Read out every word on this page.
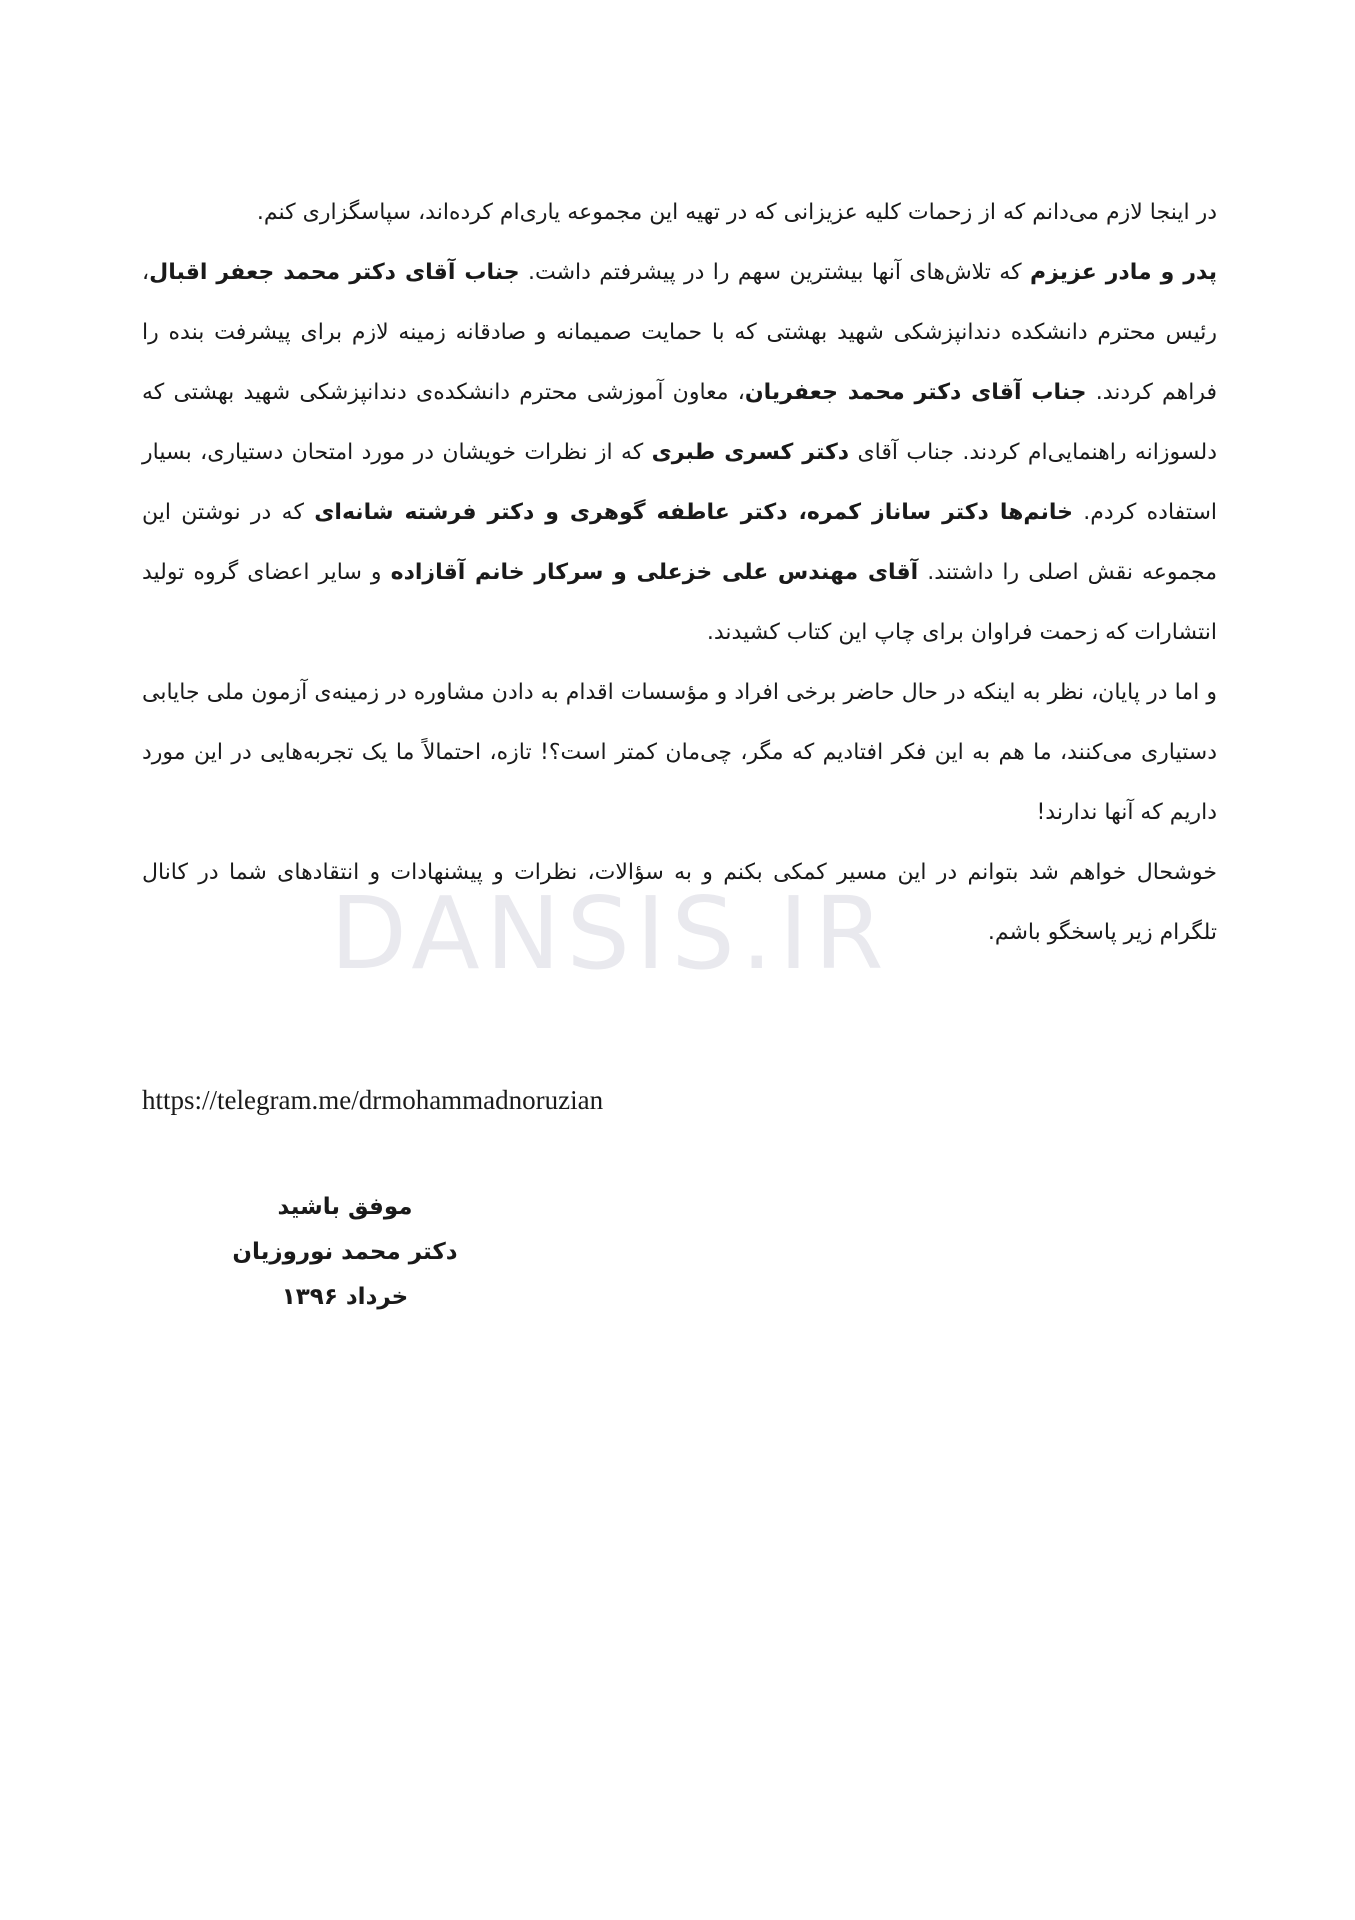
DANSIS.IR

در اینجا لازم می‌دانم که از زحمات کلیه عزیزانی که در تهیه این مجموعه یاری‌ام کرده‌اند، سپاسگزاری کنم.

پدر و مادر عزیزم که تلاش‌های آنها بیشترین سهم را در پیشرفتم داشت. جناب آقای دکتر محمد جعفر اقبال، رئیس محترم دانشکده دندانپزشکی شهید بهشتی که با حمایت صمیمانه و صادقانه زمینه لازم برای پیشرفت بنده را فراهم کردند. جناب آقای دکتر محمد جعفریان، معاون آموزشی محترم دانشکده‌ی دندانپزشکی شهید بهشتی که دلسوزانه راهنمایی‌ام کردند. جناب آقای دکتر کسری طبری که از نظرات خویشان در مورد امتحان دستیاری، بسیار استفاده کردم. خانم‌ها دکتر ساناز کمره، دکتر عاطفه گوهری و دکتر فرشته شانه‌ای که در نوشتن این مجموعه نقش اصلی را داشتند. آقای مهندس علی خزعلی و سرکار خانم آقازاده و سایر اعضای گروه تولید انتشارات که زحمت فراوان برای چاپ این کتاب کشیدند.

و اما در پایان، نظر به اینکه در حال حاضر برخی افراد و مؤسسات اقدام به دادن مشاوره در زمینه‌ی آزمون ملی جایابی دستیاری می‌کنند، ما هم به این فکر افتادیم که مگر، چی‌مان کمتر است؟! تازه، احتمالاً ما یک تجربه‌هایی در این مورد داریم که آنها ندارند!

خوشحال خواهم شد بتوانم در این مسیر کمکی بکنم و به سؤالات، نظرات و پیشنهادات و انتقادهای شما در کانال تلگرام زیر پاسخگو باشم.

https://telegram.me/drmohammadnoruzian
موفق باشید
دکتر محمد نوروزیان
خرداد ۱۳۹۶
